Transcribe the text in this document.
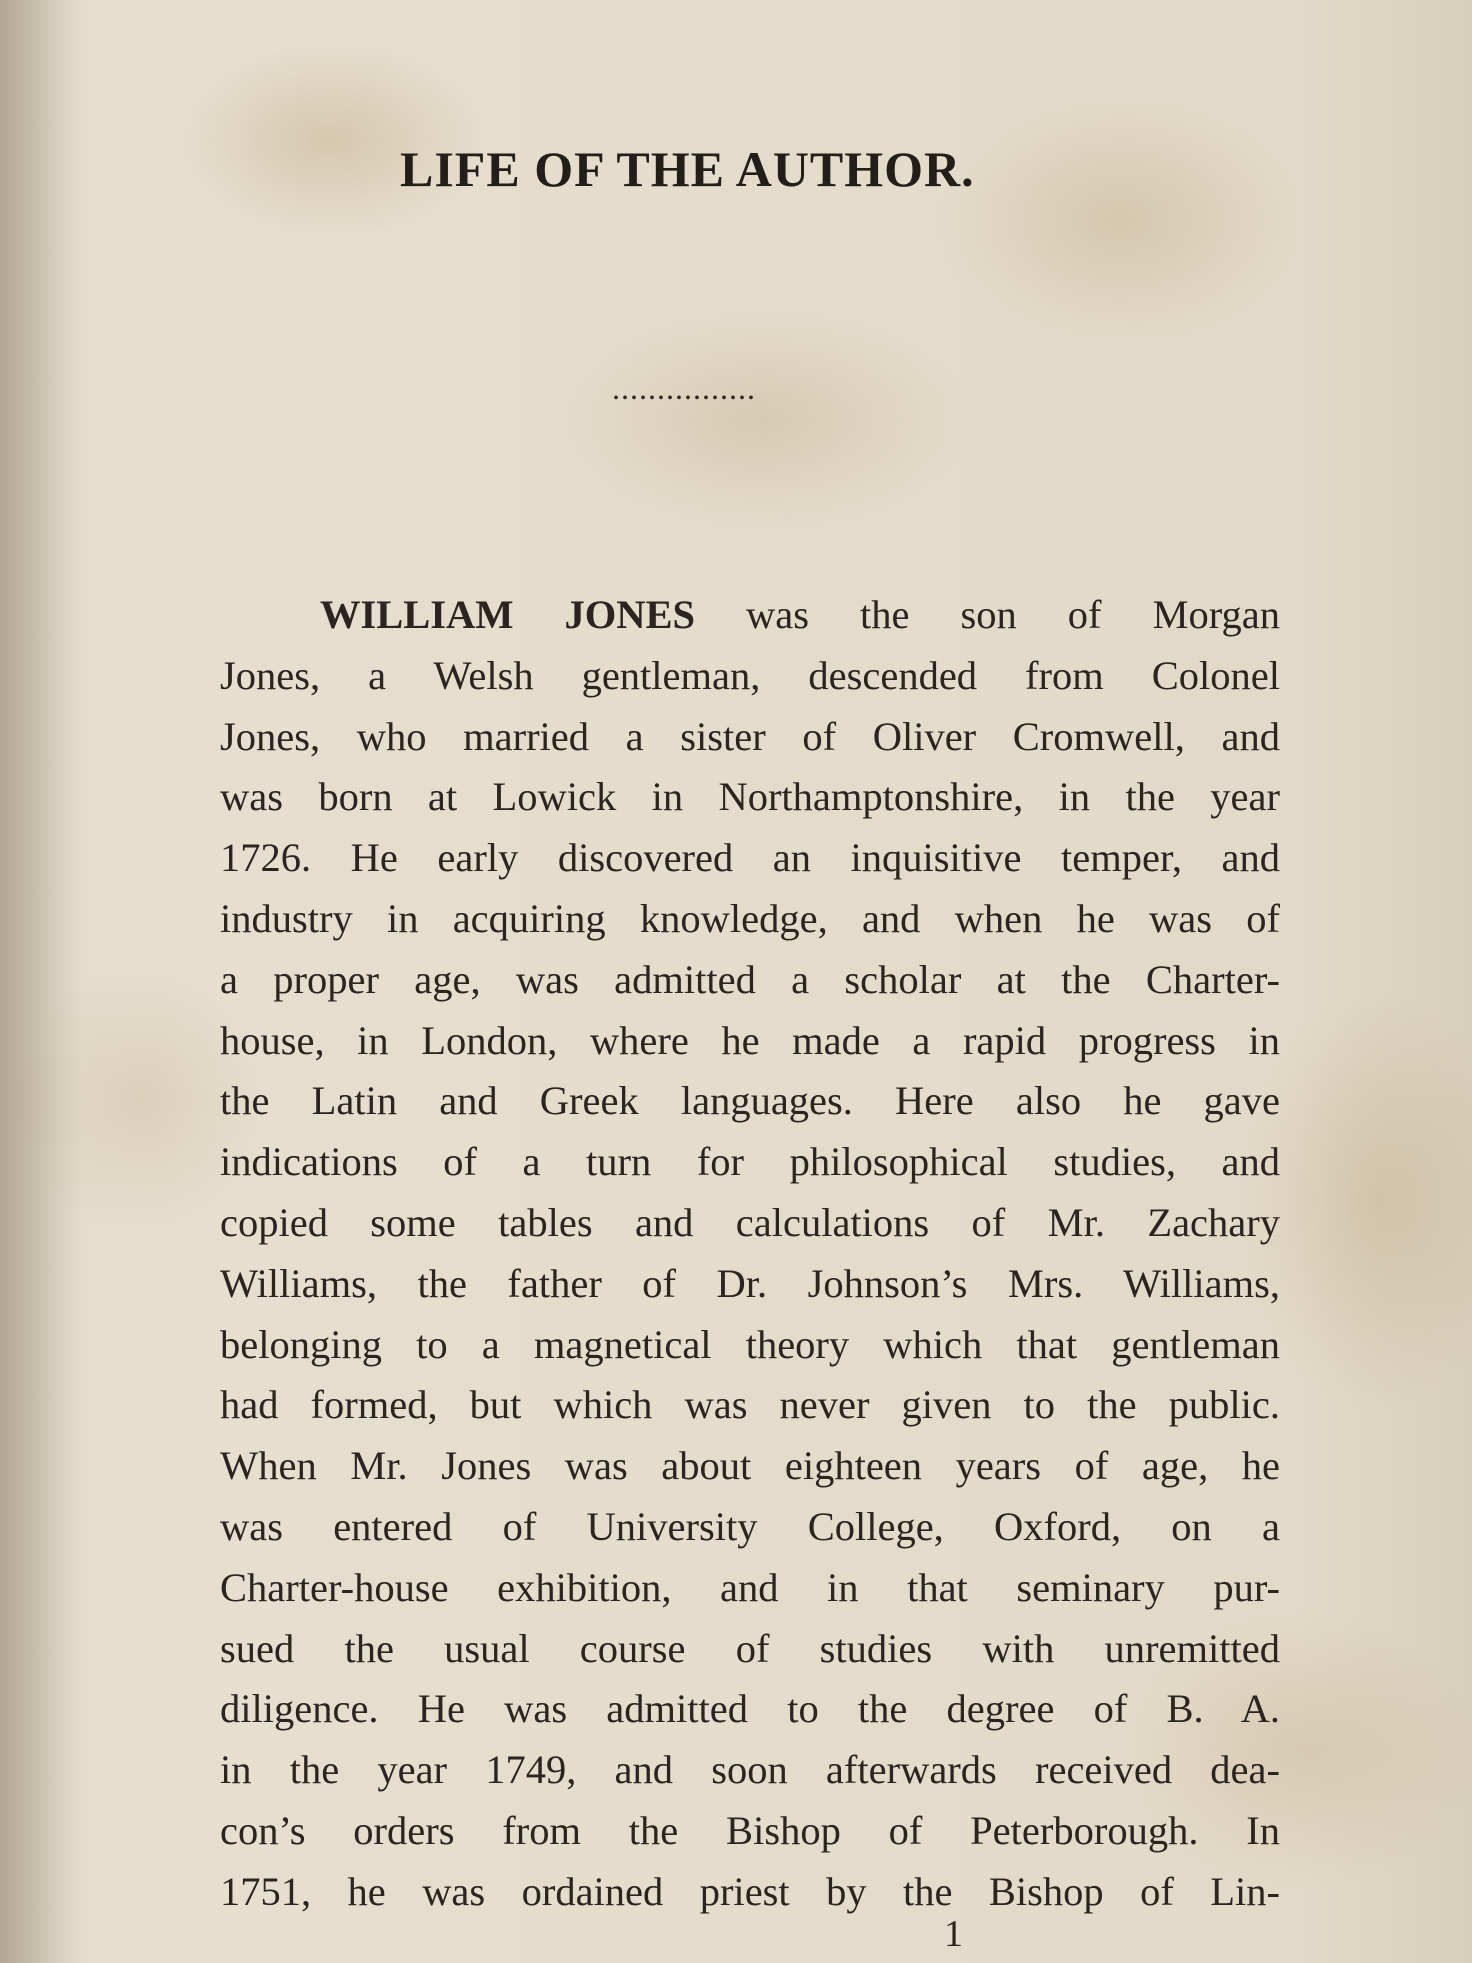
LIFE OF THE AUTHOR.
................
WILLIAM JONES was the son of Morgan
Jones, a Welsh gentleman, descended from Colonel
Jones, who married a sister of Oliver Cromwell, and
was born at Lowick in Northamptonshire, in the year
1726. He early discovered an inquisitive temper, and
industry in acquiring knowledge, and when he was of
a proper age, was admitted a scholar at the Charter-
house, in London, where he made a rapid progress in
the Latin and Greek languages. Here also he gave
indications of a turn for philosophical studies, and
copied some tables and calculations of Mr. Zachary
Williams, the father of Dr. Johnson’s Mrs. Williams,
belonging to a magnetical theory which that gentleman
had formed, but which was never given to the public.
When Mr. Jones was about eighteen years of age, he
was entered of University College, Oxford, on a
Charter-house exhibition, and in that seminary pur-
sued the usual course of studies with unremitted
diligence. He was admitted to the degree of B. A.
in the year 1749, and soon afterwards received dea-
con’s orders from the Bishop of Peterborough. In
1751, he was ordained priest by the Bishop of Lin-
1
